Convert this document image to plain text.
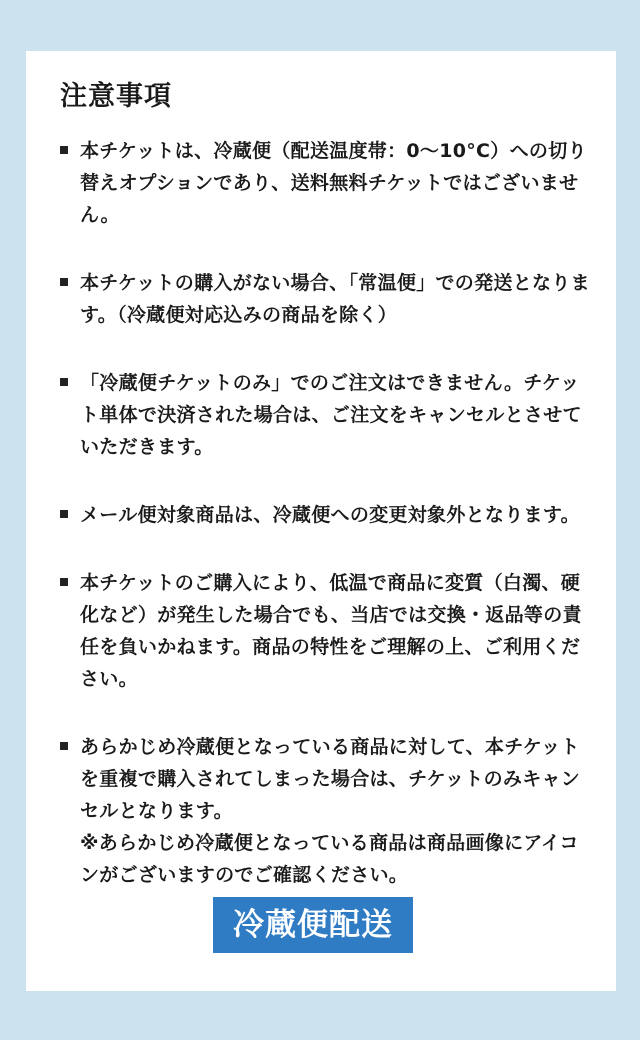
注意事項
本チケットは、冷蔵便（配送温度帯：0〜10°C）への切り替えオプションであり、送料無料チケットではございません。
本チケットの購入がない場合、「常温便」での発送となります。（冷蔵便対応込みの商品を除く）
「冷蔵便チケットのみ」でのご注文はできません。チケット単体で決済された場合は、ご注文をキャンセルとさせていただきます。
メール便対象商品は、冷蔵便への変更対象外となります。
本チケットのご購入により、低温で商品に変質（白濁、硬化など）が発生した場合でも、当店では交換・返品等の責任を負いかねます。商品の特性をご理解の上、ご利用ください。
あらかじめ冷蔵便となっている商品に対して、本チケットを重複で購入されてしまった場合は、チケットのみキャンセルとなります。
※あらかじめ冷蔵便となっている商品は商品画像にアイコンがございますのでご確認ください。
冷蔵便配送
